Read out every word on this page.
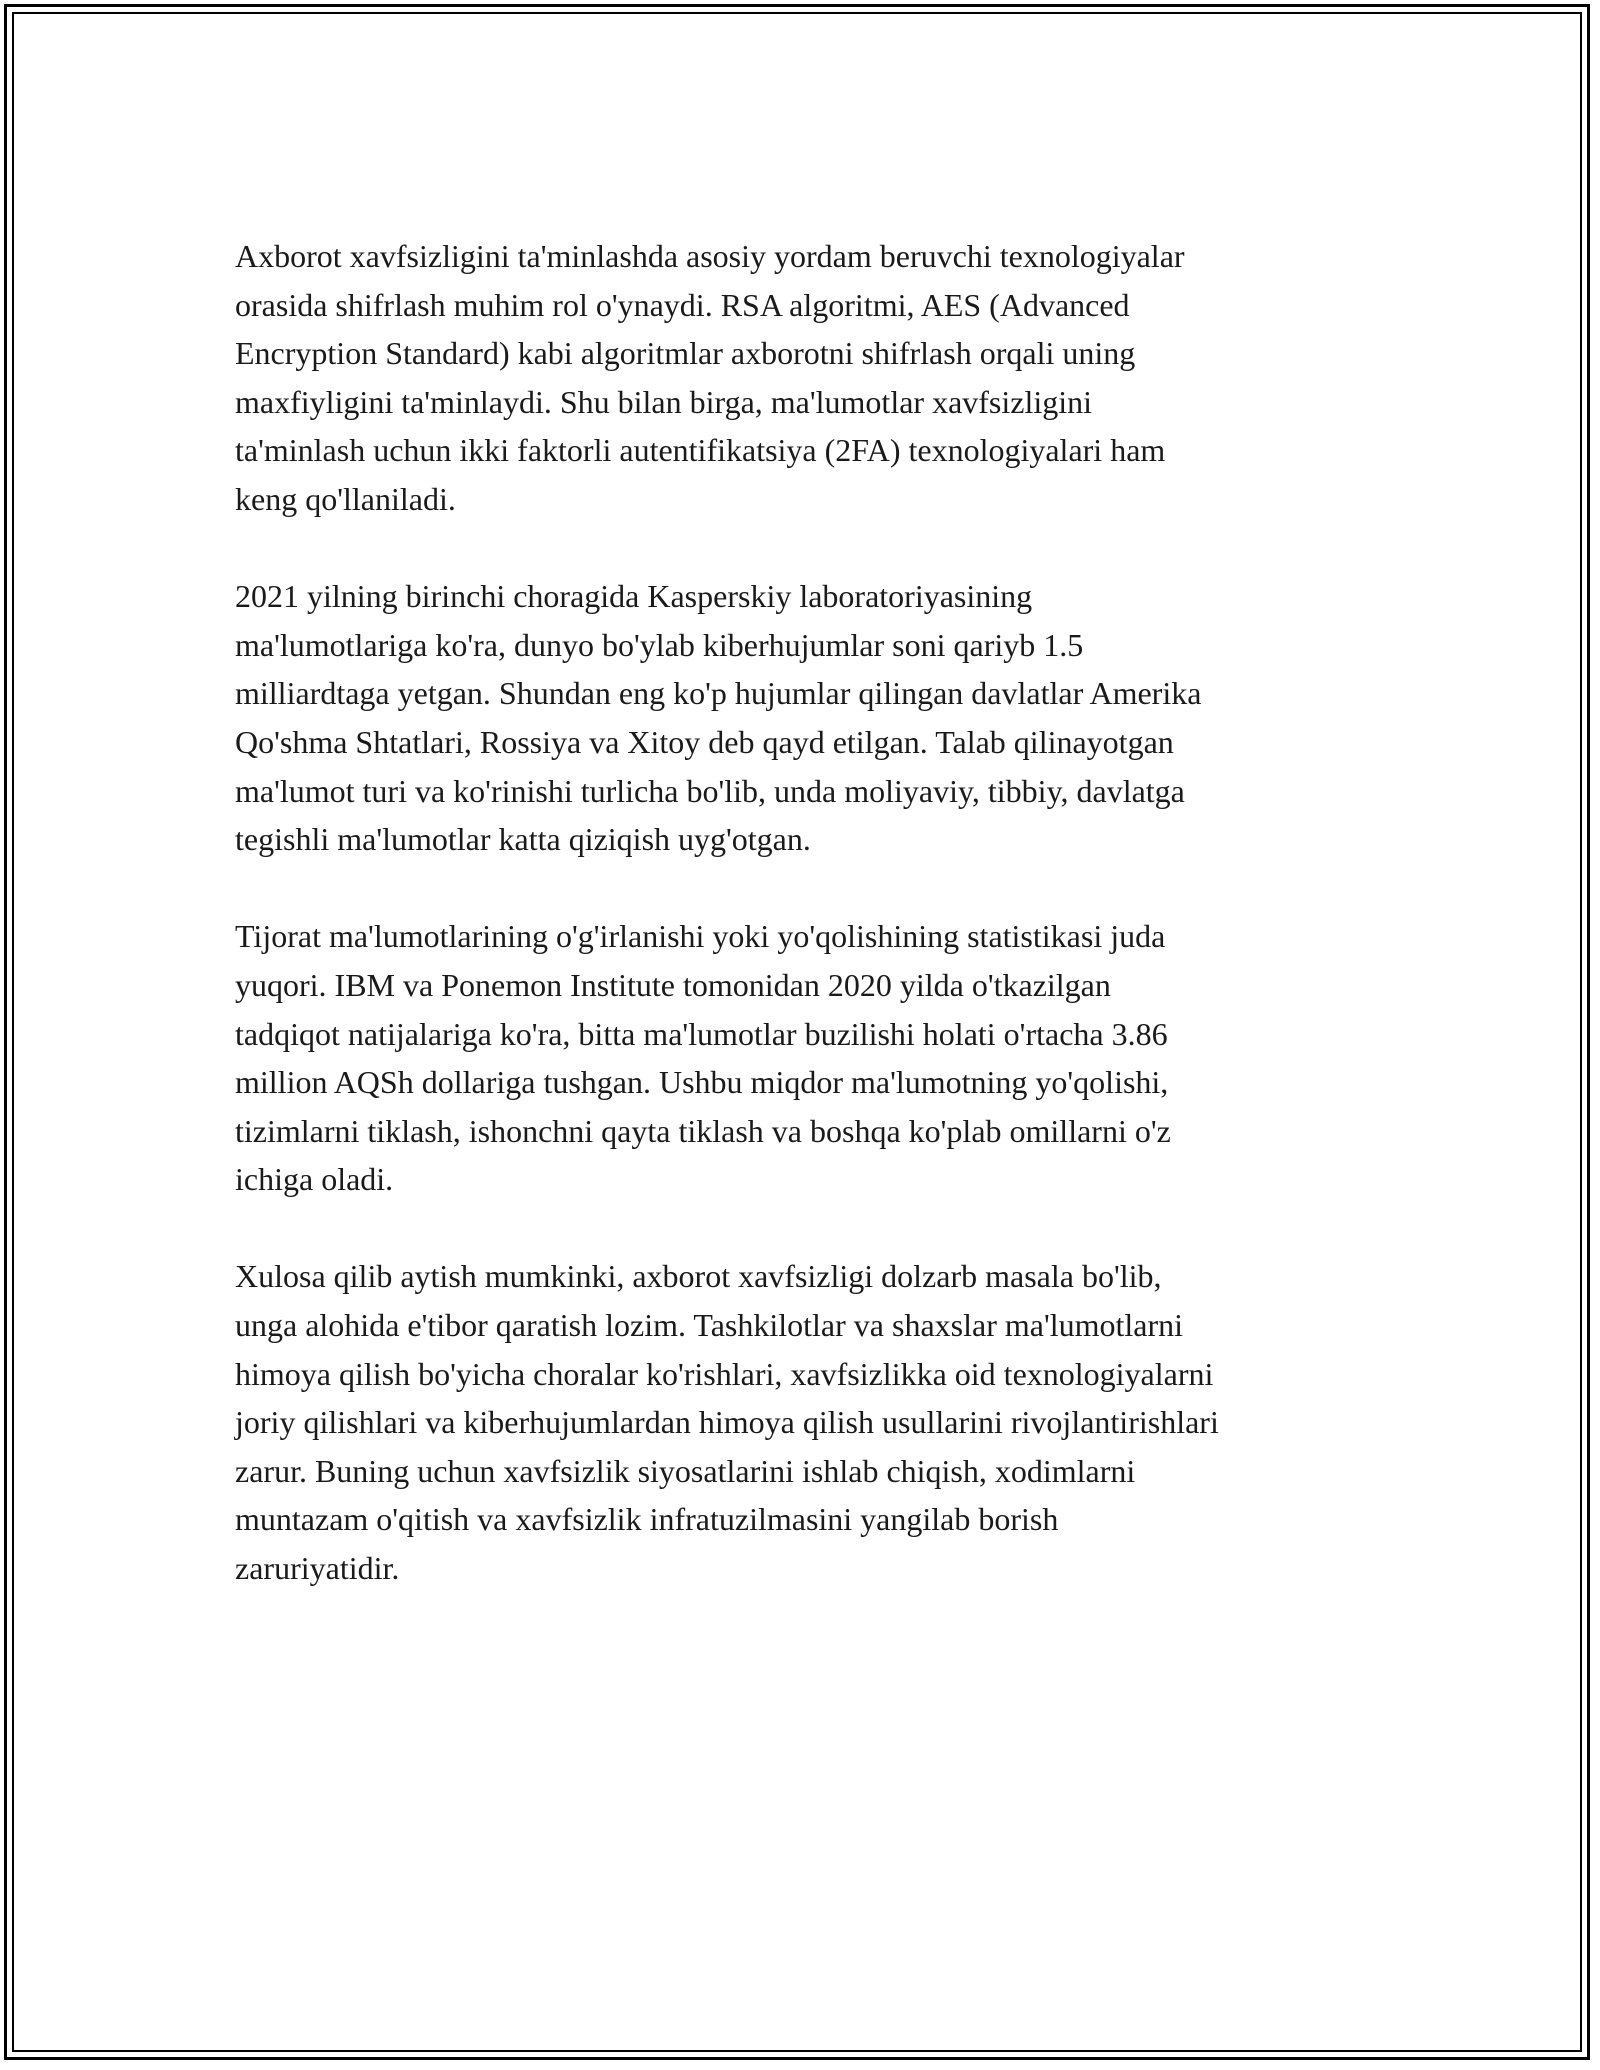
Axborot xavfsizligini ta'minlashda asosiy yordam beruvchi texnologiyalar
orasida shifrlash muhim rol o'ynaydi. RSA algoritmi, AES (Advanced
Encryption Standard) kabi algoritmlar axborotni shifrlash orqali uning
maxfiyligini ta'minlaydi. Shu bilan birga, ma'lumotlar xavfsizligini
ta'minlash uchun ikki faktorli autentifikatsiya (2FA) texnologiyalari ham
keng qo'llaniladi.

2021 yilning birinchi choragida Kasperskiy laboratoriyasining
ma'lumotlariga ko'ra, dunyo bo'ylab kiberhujumlar soni qariyb 1.5
milliardtaga yetgan. Shundan eng ko'p hujumlar qilingan davlatlar Amerika
Qo'shma Shtatlari, Rossiya va Xitoy deb qayd etilgan. Talab qilinayotgan
ma'lumot turi va ko'rinishi turlicha bo'lib, unda moliyaviy, tibbiy, davlatga
tegishli ma'lumotlar katta qiziqish uyg'otgan.

Tijorat ma'lumotlarining o'g'irlanishi yoki yo'qolishining statistikasi juda
yuqori. IBM va Ponemon Institute tomonidan 2020 yilda o'tkazilgan
tadqiqot natijalariga ko'ra, bitta ma'lumotlar buzilishi holati o'rtacha 3.86
million AQSh dollariga tushgan. Ushbu miqdor ma'lumotning yo'qolishi,
tizimlarni tiklash, ishonchni qayta tiklash va boshqa ko'plab omillarni o'z
ichiga oladi.

Xulosa qilib aytish mumkinki, axborot xavfsizligi dolzarb masala bo'lib,
unga alohida e'tibor qaratish lozim. Tashkilotlar va shaxslar ma'lumotlarni
himoya qilish bo'yicha choralar ko'rishlari, xavfsizlikka oid texnologiyalarni
joriy qilishlari va kiberhujumlardan himoya qilish usullarini rivojlantirishlari
zarur. Buning uchun xavfsizlik siyosatlarini ishlab chiqish, xodimlarni
muntazam o'qitish va xavfsizlik infratuzilmasini yangilab borish
zaruriyatidir.
